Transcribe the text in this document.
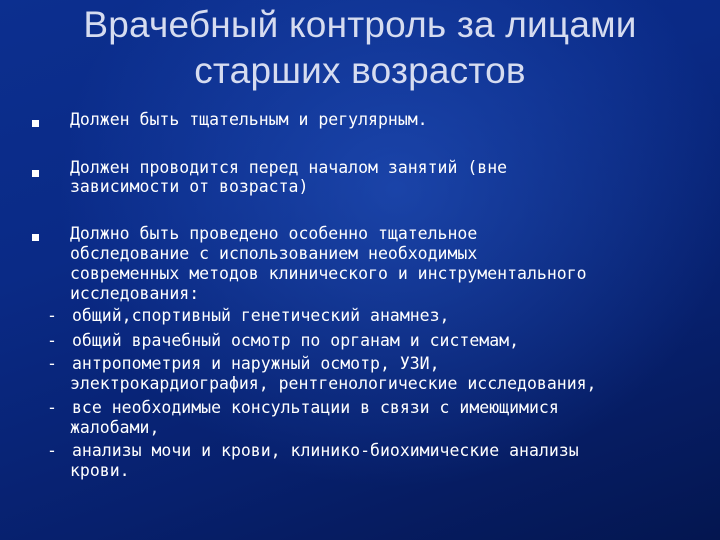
Врачебный контроль за лицами
старших возрастов
Должен быть тщательным и регулярным.
Должен проводится перед началом занятий (вне
зависимости от возраста)
Должно быть проведено особенно тщательное
обследование с использованием необходимых
современных методов клинического и инструментального
исследования:
- общий,спортивный генетический анамнез,
- общий врачебный осмотр по органам и системам,
- антропометрия и наружный осмотр, УЗИ,
электрокардиография, рентгенологические исследования,
- все необходимые консультации в связи с имеющимися
жалобами,
- анализы мочи и крови, клинико-биохимические анализы
крови.
